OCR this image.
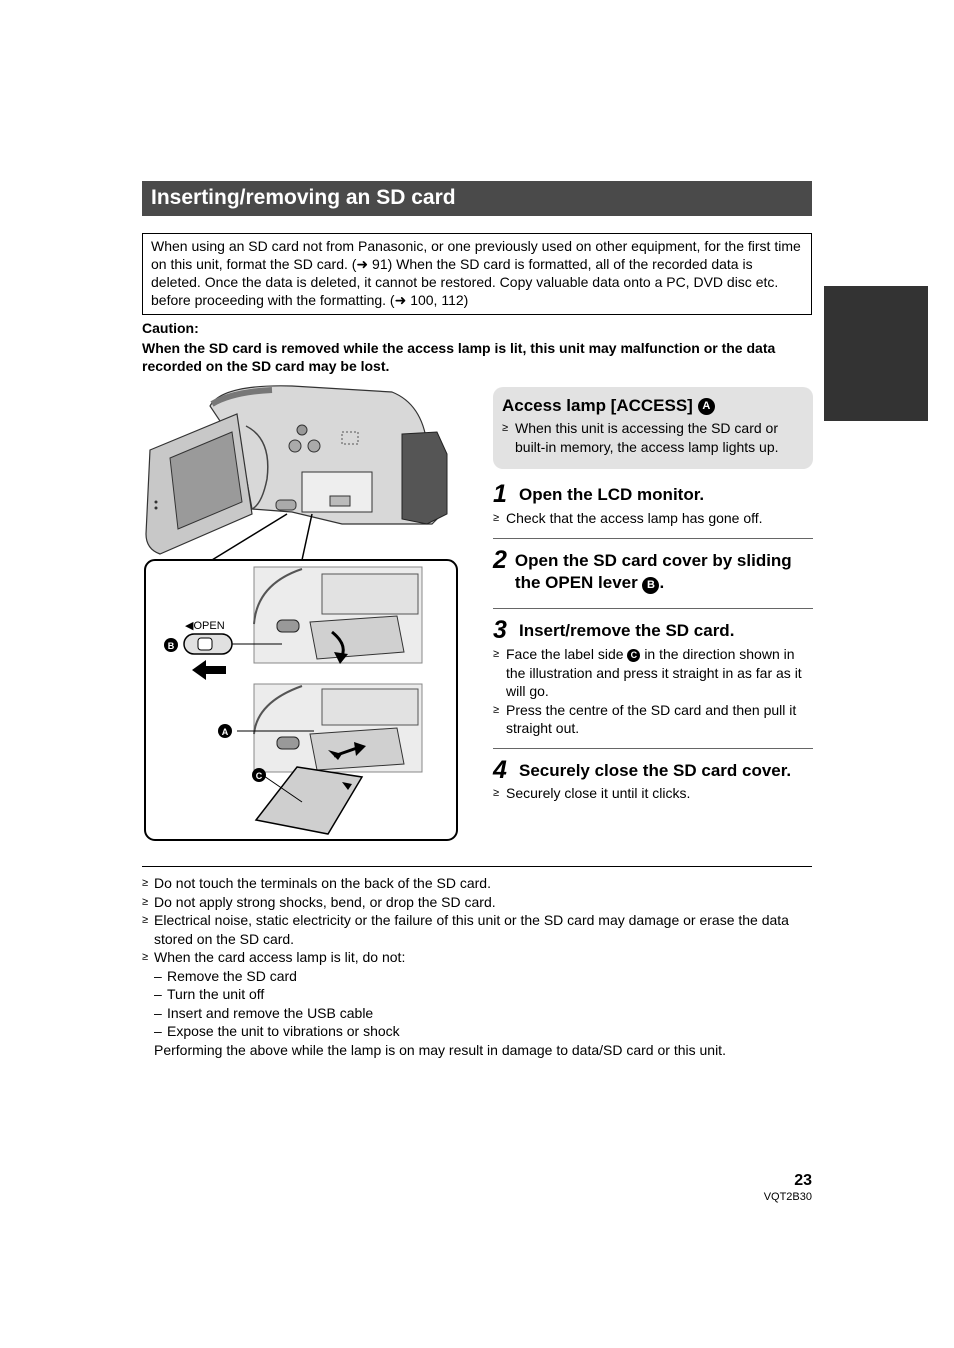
Inserting/removing an SD card
When using an SD card not from Panasonic, or one previously used on other equipment, for the first time on this unit, format the SD card. (➜ 91) When the SD card is formatted, all of the recorded data is deleted. Once the data is deleted, it cannot be restored. Copy valuable data onto a PC, DVD disc etc. before proceeding with the formatting. (➜ 100, 112)
Caution:
When the SD card is removed while the access lamp is lit, this unit may malfunction or the data recorded on the SD card may be lost.
◀OPEN
B
A
C
Access lamp [ACCESS] A
≥ When this unit is accessing the SD card or built-in memory, the access lamp lights up.
1 Open the LCD monitor.
≥ Check that the access lamp has gone off.
2 Open the SD card cover by sliding the OPEN lever B .
3 Insert/remove the SD card.
≥ Face the label side C in the direction shown in the illustration and press it straight in as far as it will go.
≥ Press the centre of the SD card and then pull it straight out.
4 Securely close the SD card cover.
≥ Securely close it until it clicks.
≥ Do not touch the terminals on the back of the SD card.
≥ Do not apply strong shocks, bend, or drop the SD card.
≥ Electrical noise, static electricity or the failure of this unit or the SD card may damage or erase the data stored on the SD card.
≥ When the card access lamp is lit, do not:
– Remove the SD card
– Turn the unit off
– Insert and remove the USB cable
– Expose the unit to vibrations or shock
Performing the above while the lamp is on may result in damage to data/SD card or this unit.
23
VQT2B30
